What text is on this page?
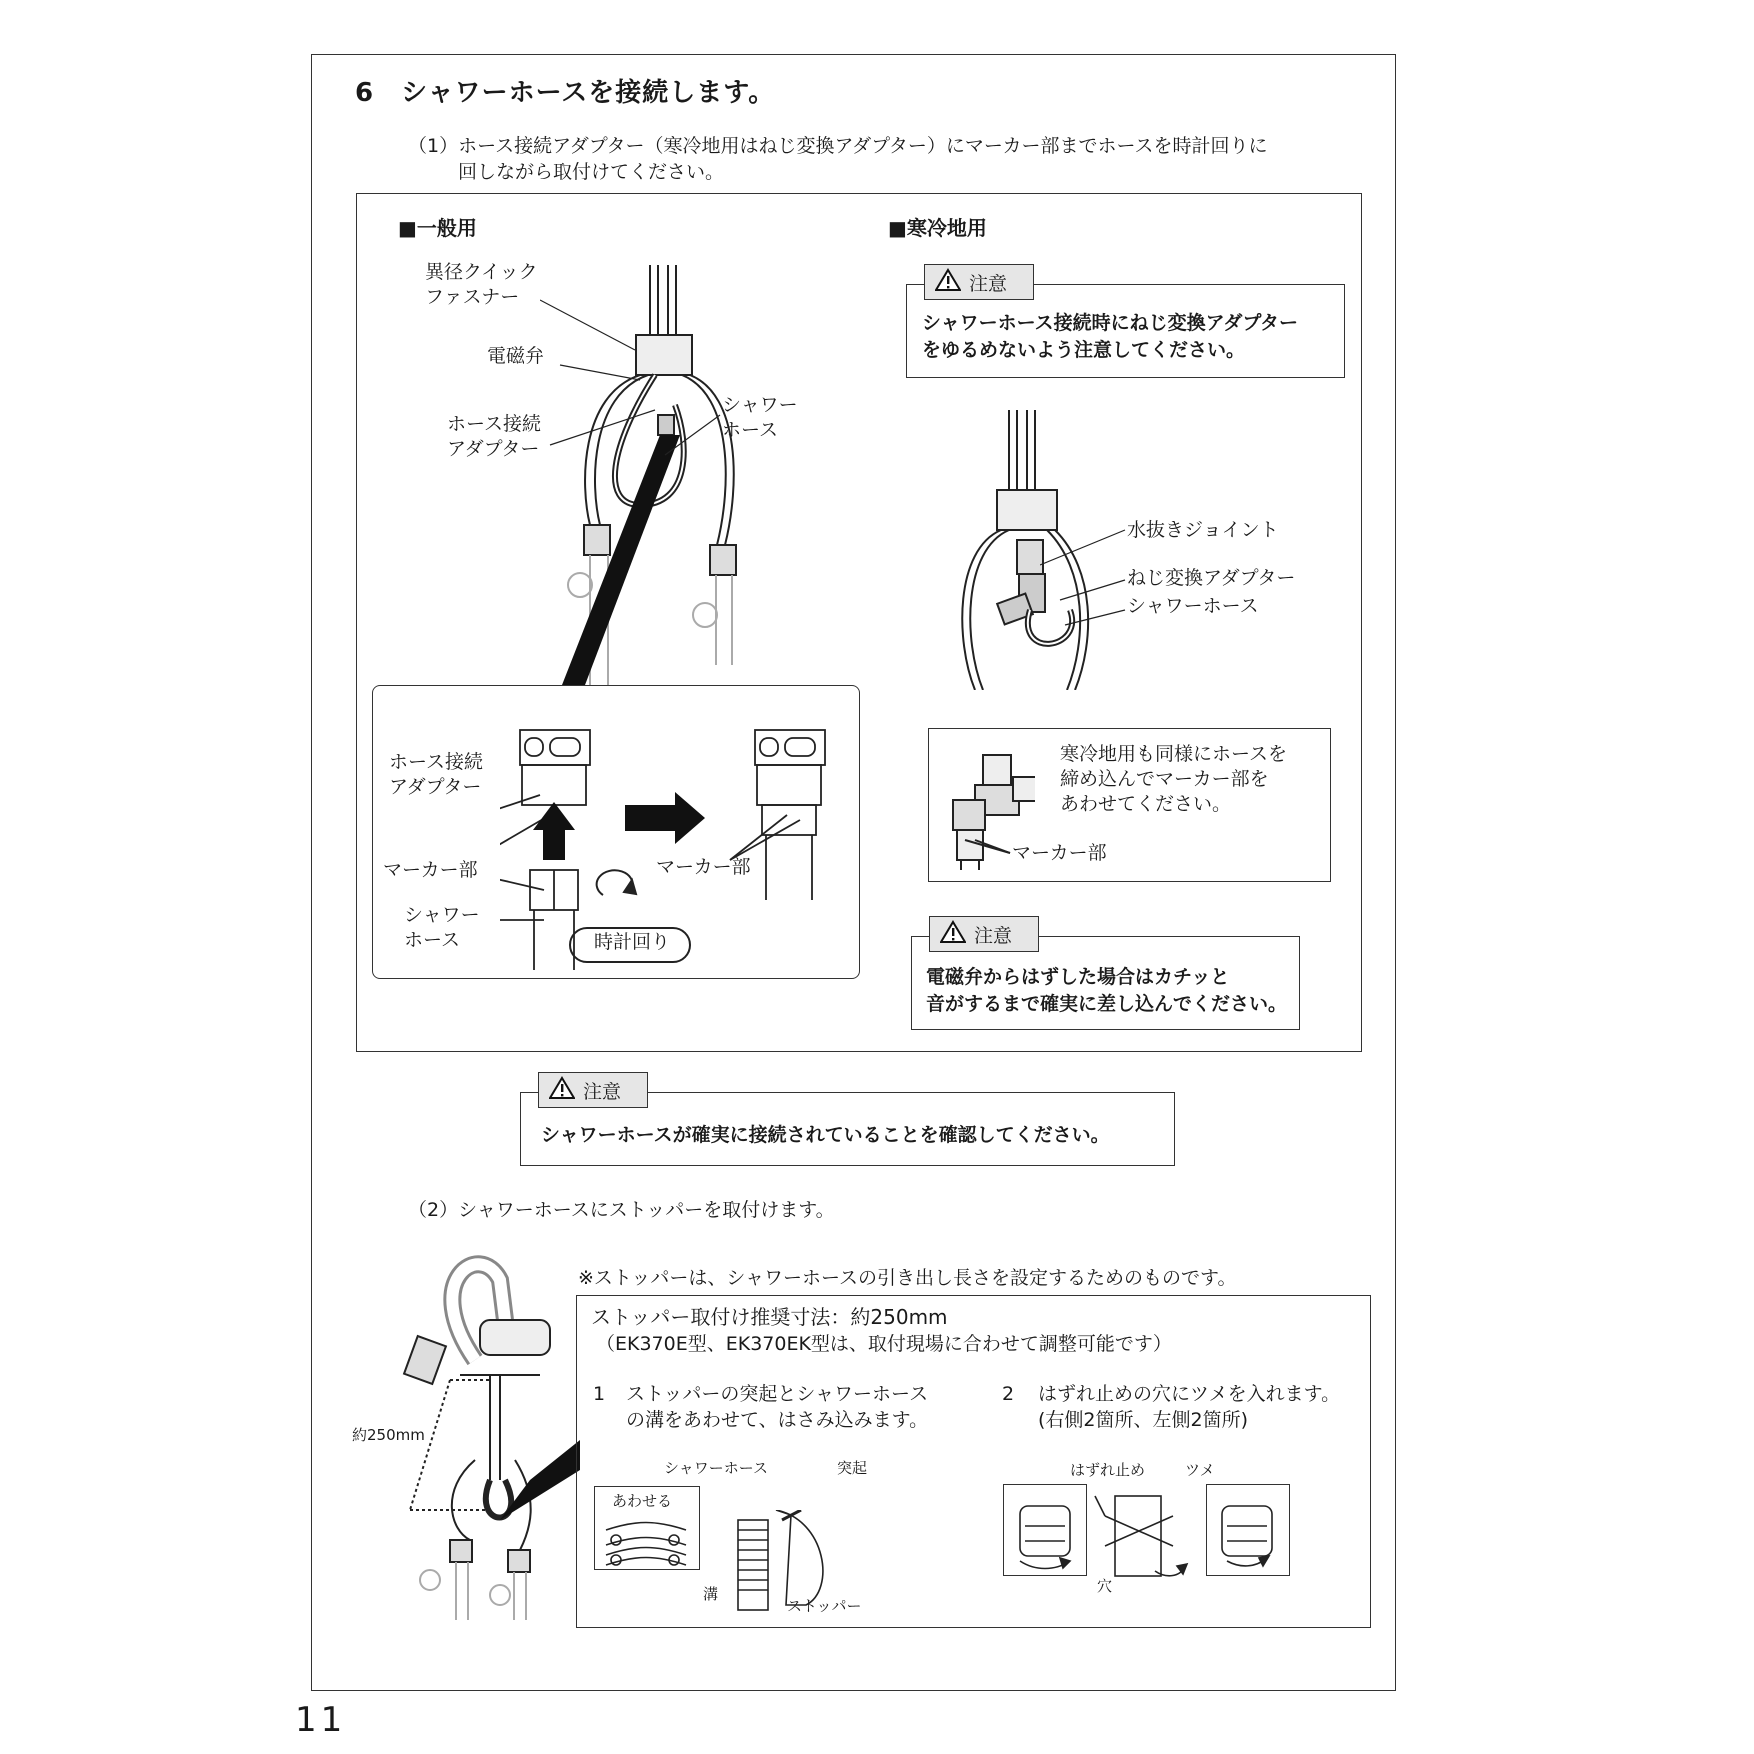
6　シャワーホースを接続します。
（1）ホース接続アダプター（寒冷地用はねじ変換アダプター）にマーカー部までホースを時計回りに
回しながら取付けてください。
■一般用
異径クイック
ファスナー
電磁弁
ホース接続
アダプター
シャワー
ホース
ホース接続
アダプター
マーカー部	マーカー部
シャワー
ホース	時計回り
■寒冷地用
注意
シャワーホース接続時にねじ変換アダプター
をゆるめないよう注意してください。
水抜きジョイント
ねじ変換アダプター
シャワーホース
寒冷地用も同様にホースを
締め込んでマーカー部を
あわせてください。
マーカー部
注意
電磁弁からはずした場合はカチッと
音がするまで確実に差し込んでください。
注意
シャワーホースが確実に接続されていることを確認してください。
（2）シャワーホースにストッパーを取付けます。
※ストッパーは、シャワーホースの引き出し長さを設定するためのものです。
約250mm
ストッパー取付け推奨寸法：約250mm
（EK370E型、EK370EK型は、取付現場に合わせて調整可能です）
1 ストッパーの突起とシャワーホース
の溝をあわせて、はさみ込みます。
2 はずれ止めの穴にツメを入れます。
(右側2箇所、左側2箇所)
あわせる
シャワーホース	突起
溝
ストッパー
はずれ止め	ツメ
穴
11
